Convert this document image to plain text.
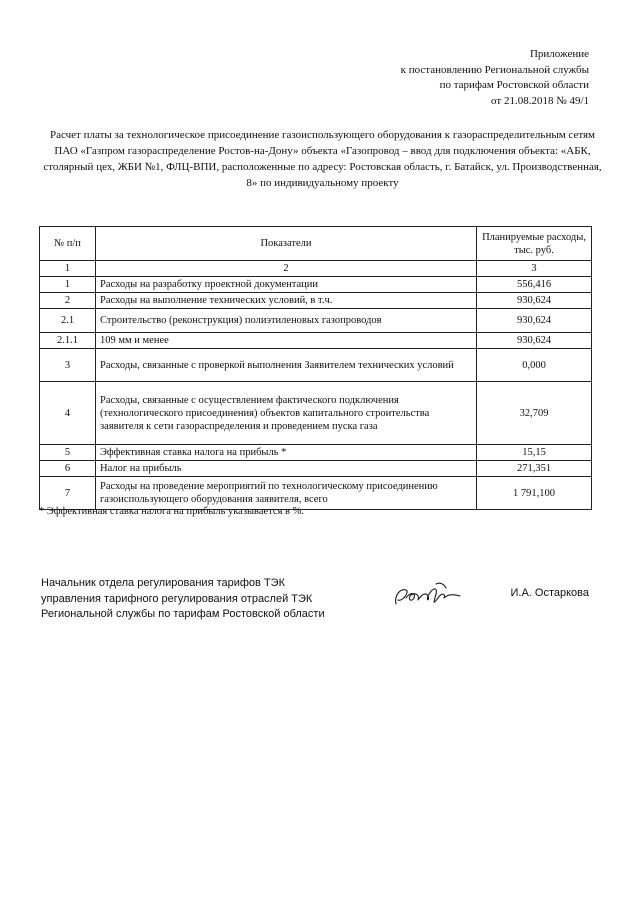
Приложение
к постановлению Региональной службы
по тарифам Ростовской области
от 21.08.2018 № 49/1
Расчет платы за технологическое присоединение газоиспользующего оборудования к газораспределительным сетям ПАО «Газпром газораспределение Ростов-на-Дону» объекта «Газопровод – ввод для подключения объекта: «АБК, столярный цех, ЖБИ №1, ФЛЦ-ВПИ, расположенные по адресу: Ростовская область, г. Батайск, ул. Производственная, 8» по индивидуальному проекту
№ п/п	Показатели	Планируемые расходы, тыс. руб.
1	2	3
1	Расходы на разработку проектной документации	556,416
2	Расходы на выполнение технических условий, в т.ч.	930,624
2.1	Строительство (реконструкция) полиэтиленовых газопроводов	930,624
2.1.1	109 мм и менее	930,624
3	Расходы, связанные с проверкой выполнения Заявителем технических условий	0,000
4	Расходы, связанные с осуществлением фактического подключения (технологического присоединения) объектов капитального строительства заявителя к сети газораспределения и проведением пуска газа	32,709
5	Эффективная ставка налога на прибыль *	15,15
6	Налог на прибыль	271,351
7	Расходы на проведение мероприятий по технологическому присоединению газоиспользующего оборудования заявителя, всего	1 791,100
* Эффективная ставка налога на прибыль указывается в %.
Начальник отдела регулирования тарифов ТЭК
управления тарифного регулирования отраслей ТЭК
Региональной службы по тарифам Ростовской области
И.А. Остаркова
